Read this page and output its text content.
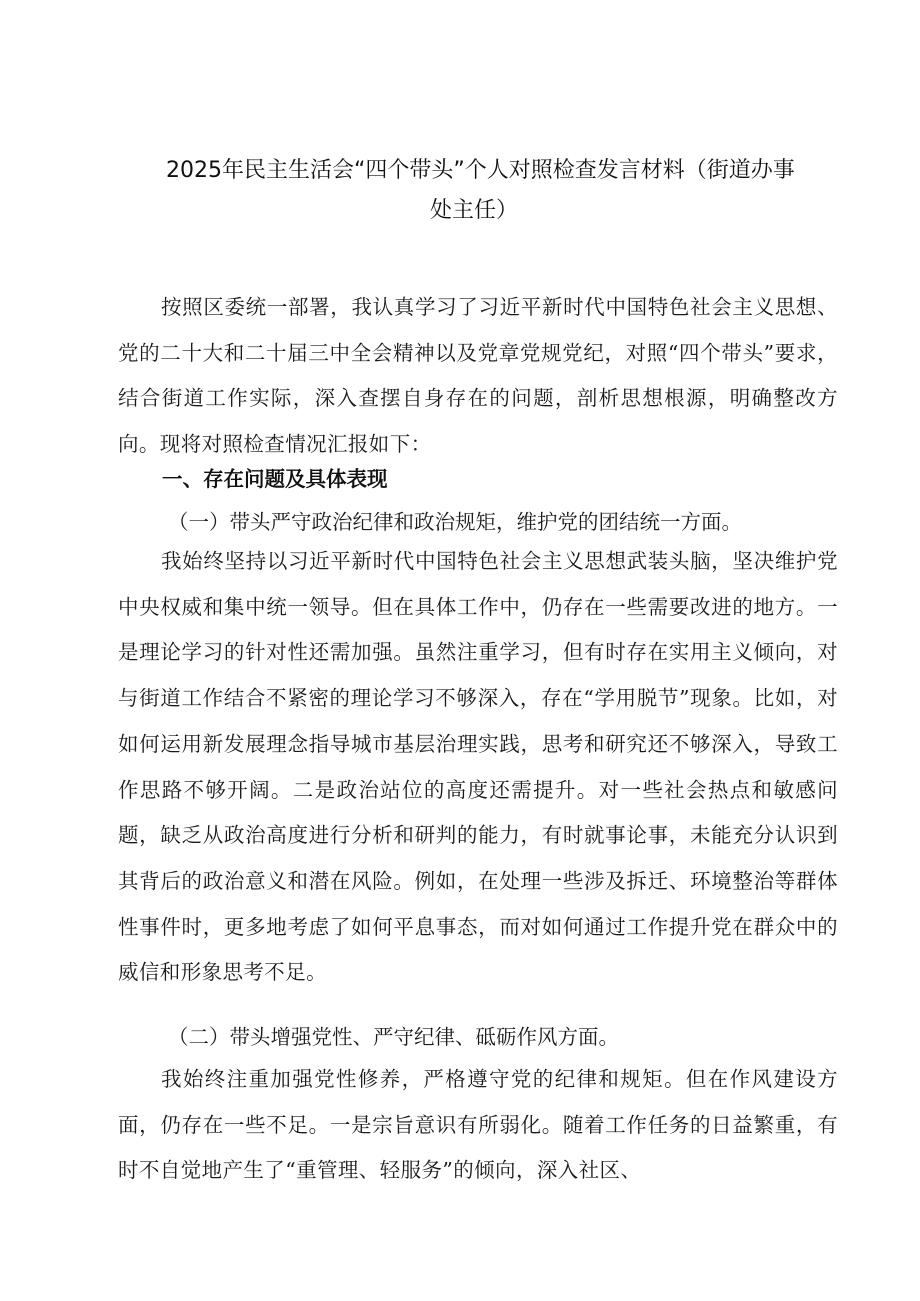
2025年民主生活会“四个带头”个人对照检查发言材料（街道办事
处主任）

按照区委统一部署，我认真学习了习近平新时代中国特色社会主义思想、党的二十大和二十届三中全会精神以及党章党规党纪，对照“四个带头”要求，结合街道工作实际，深入查摆自身存在的问题，剖析思想根源，明确整改方向。现将对照检查情况汇报如下：

一、存在问题及具体表现

（一）带头严守政治纪律和政治规矩，维护党的团结统一方面。

我始终坚持以习近平新时代中国特色社会主义思想武装头脑，坚决维护党中央权威和集中统一领导。但在具体工作中，仍存在一些需要改进的地方。一是理论学习的针对性还需加强。虽然注重学习，但有时存在实用主义倾向，对与街道工作结合不紧密的理论学习不够深入，存在“学用脱节”现象。比如，对如何运用新发展理念指导城市基层治理实践，思考和研究还不够深入，导致工作思路不够开阔。二是政治站位的高度还需提升。对一些社会热点和敏感问题，缺乏从政治高度进行分析和研判的能力，有时就事论事，未能充分认识到其背后的政治意义和潜在风险。例如，在处理一些涉及拆迁、环境整治等群体性事件时，更多地考虑了如何平息事态，而对如何通过工作提升党在群众中的威信和形象思考不足。

（二）带头增强党性、严守纪律、砥砺作风方面。

我始终注重加强党性修养，严格遵守党的纪律和规矩。但在作风建设方面，仍存在一些不足。一是宗旨意识有所弱化。随着工作任务的日益繁重，有时不自觉地产生了“重管理、轻服务”的倾向，深入社区、
